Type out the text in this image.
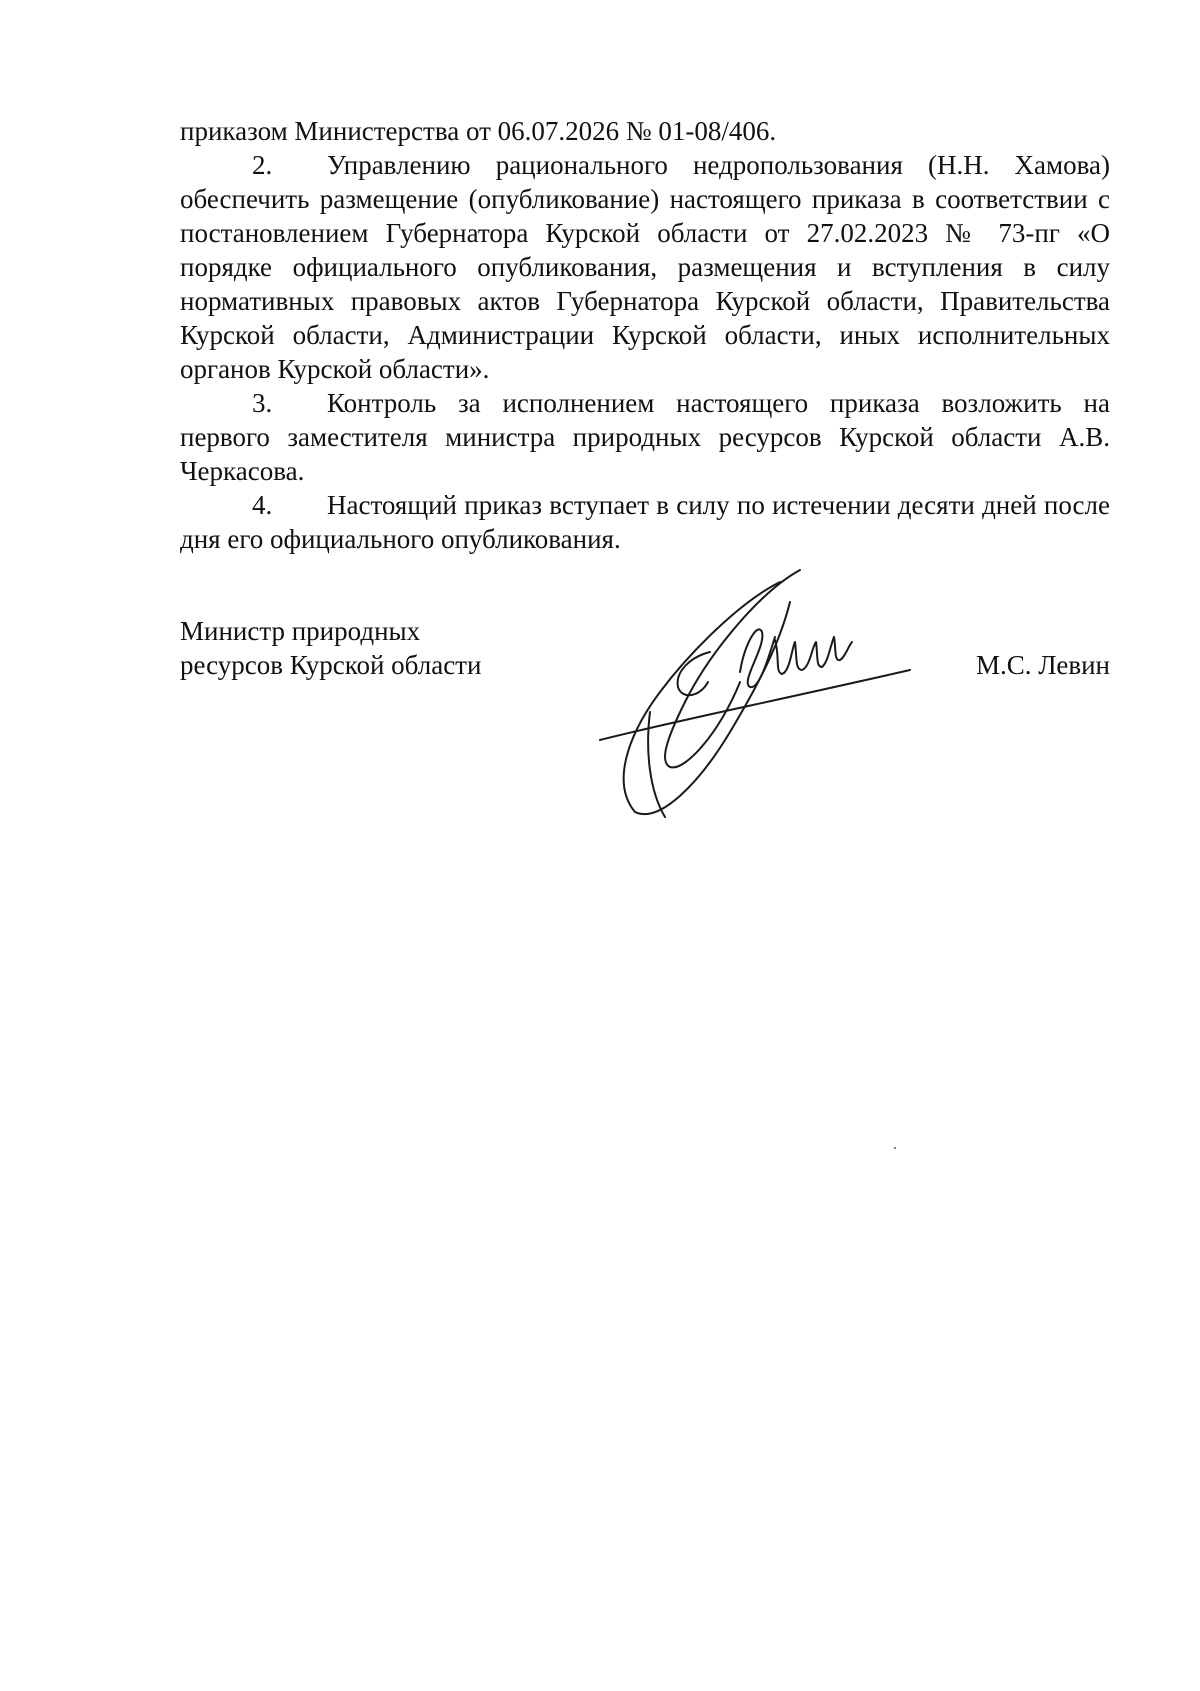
приказом Министерства от 06.07.2026 № 01-08/406.

2. Управлению рационального недропользования (Н.Н. Хамова) обеспечить размещение (опубликование) настоящего приказа в соответствии с постановлением Губернатора Курской области от 27.02.2023 № 73-пг «О порядке официального опубликования, размещения и вступления в силу нормативных правовых актов Губернатора Курской области, Правительства Курской области, Администрации Курской области, иных исполнительных органов Курской области».

3. Контроль за исполнением настоящего приказа возложить на первого заместителя министра природных ресурсов Курской области А.В. Черкасова.

4. Настоящий приказ вступает в силу по истечении десяти дней после дня его официального опубликования.

Министр природных
ресурсов Курской области	М.С. Левин
